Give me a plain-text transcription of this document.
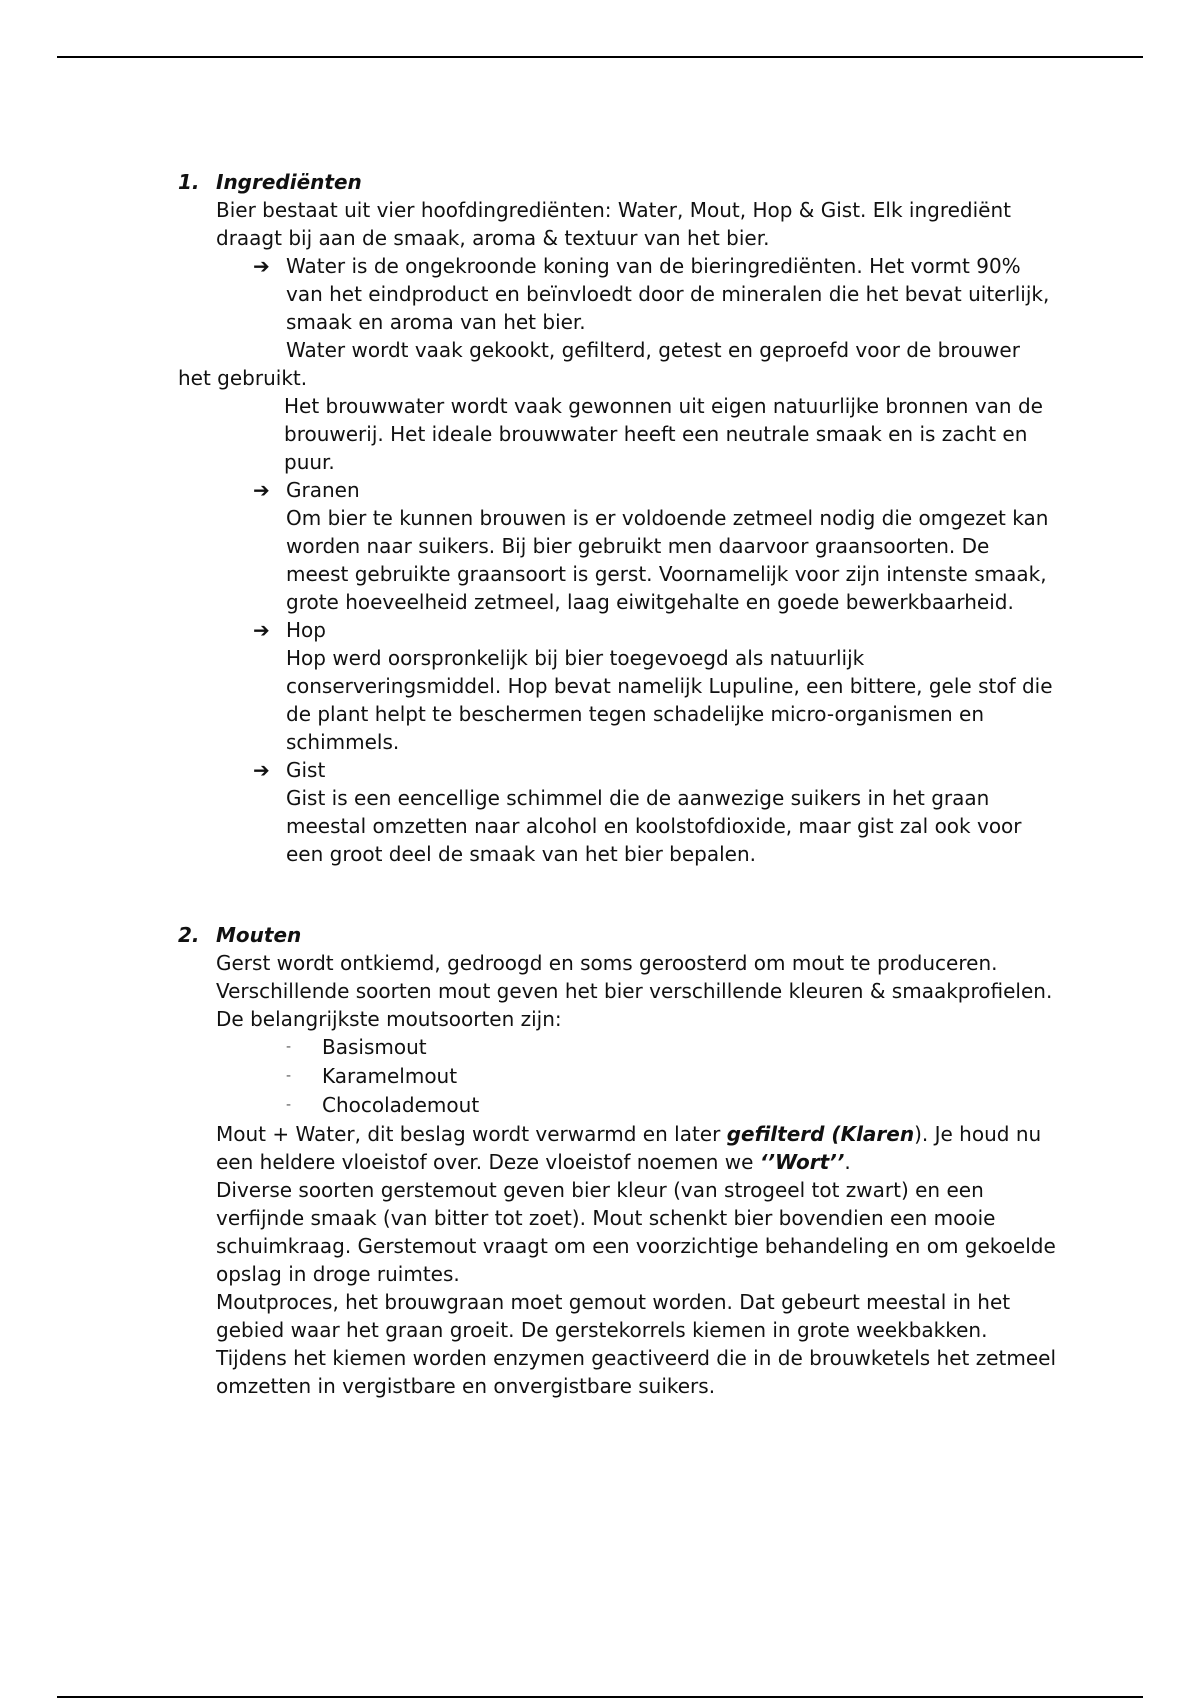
1. Ingrediënten

Bier bestaat uit vier hoofdingrediënten: Water, Mout, Hop & Gist. Elk ingrediënt draagt bij aan de smaak, aroma & textuur van het bier.

➔ Water is de ongekroonde koning van de bieringrediënten. Het vormt 90% van het eindproduct en beïnvloedt door de mineralen die het bevat uiterlijk, smaak en aroma van het bier.

Water wordt vaak gekookt, gefilterd, getest en geproefd voor de brouwer het gebruikt.

Het brouwwater wordt vaak gewonnen uit eigen natuurlijke bronnen van de brouwerij. Het ideale brouwwater heeft een neutrale smaak en is zacht en puur.

➔ Granen

Om bier te kunnen brouwen is er voldoende zetmeel nodig die omgezet kan worden naar suikers. Bij bier gebruikt men daarvoor graansoorten. De meest gebruikte graansoort is gerst. Voornamelijk voor zijn intenste smaak, grote hoeveelheid zetmeel, laag eiwitgehalte en goede bewerkbaarheid.

➔ Hop

Hop werd oorspronkelijk bij bier toegevoegd als natuurlijk conserveringsmiddel. Hop bevat namelijk Lupuline, een bittere, gele stof die de plant helpt te beschermen tegen schadelijke micro-organismen en schimmels.

➔ Gist

Gist is een eencellige schimmel die de aanwezige suikers in het graan meestal omzetten naar alcohol en koolstofdioxide, maar gist zal ook voor een groot deel de smaak van het bier bepalen.

2. Mouten

Gerst wordt ontkiemd, gedroogd en soms geroosterd om mout te produceren. Verschillende soorten mout geven het bier verschillende kleuren & smaakprofielen.

De belangrijkste moutsoorten zijn:

- Basismout
- Karamelmout
- Chocolademout

Mout + Water, dit beslag wordt verwarmd en later gefilterd (Klaren). Je houd nu een heldere vloeistof over. Deze vloeistof noemen we ‘’Wort’’.

Diverse soorten gerstemout geven bier kleur (van strogeel tot zwart) en een verfijnde smaak (van bitter tot zoet). Mout schenkt bier bovendien een mooie schuimkraag. Gerstemout vraagt om een voorzichtige behandeling en om gekoelde opslag in droge ruimtes.

Moutproces, het brouwgraan moet gemout worden. Dat gebeurt meestal in het gebied waar het graan groeit. De gerstekorrels kiemen in grote weekbakken. Tijdens het kiemen worden enzymen geactiveerd die in de brouwketels het zetmeel omzetten in vergistbare en onvergistbare suikers.
